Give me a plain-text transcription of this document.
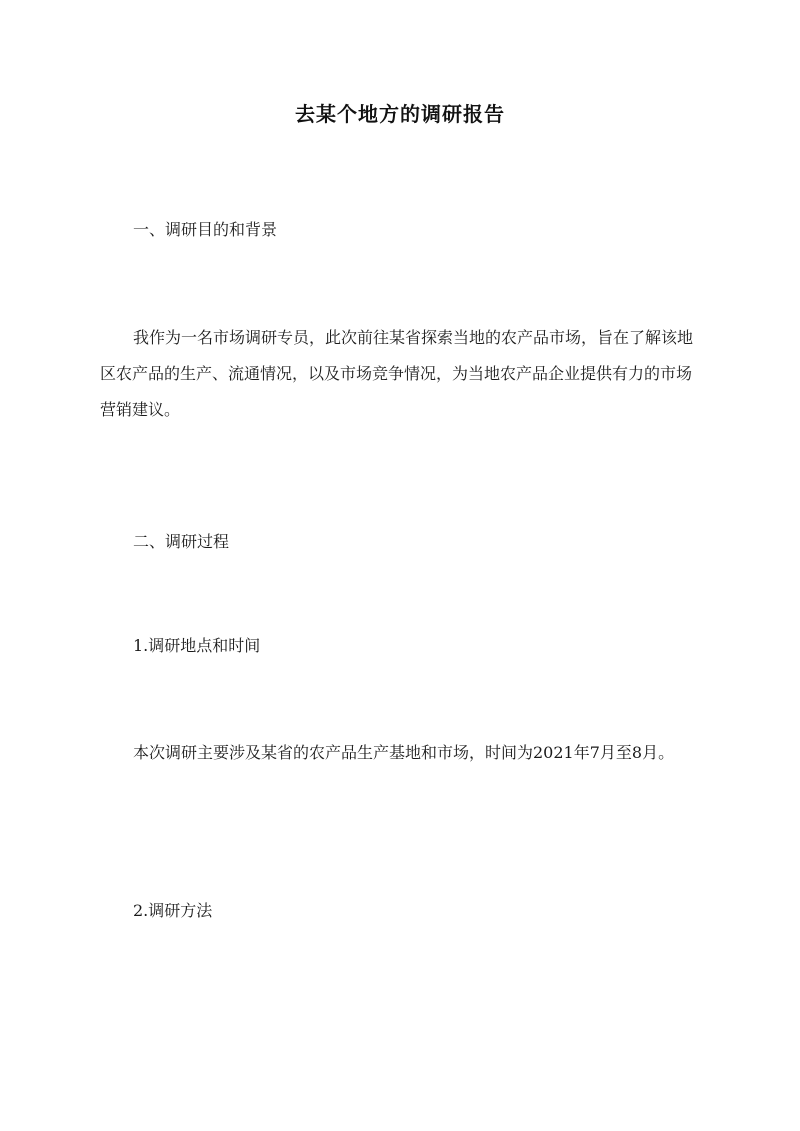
去某个地方的调研报告
一、调研目的和背景
我作为一名市场调研专员，此次前往某省探索当地的农产品市场，旨在了解该地区农产品的生产、流通情况，以及市场竞争情况，为当地农产品企业提供有力的市场营销建议。
二、调研过程
1.调研地点和时间
本次调研主要涉及某省的农产品生产基地和市场，时间为2021年7月至8月。
2.调研方法
